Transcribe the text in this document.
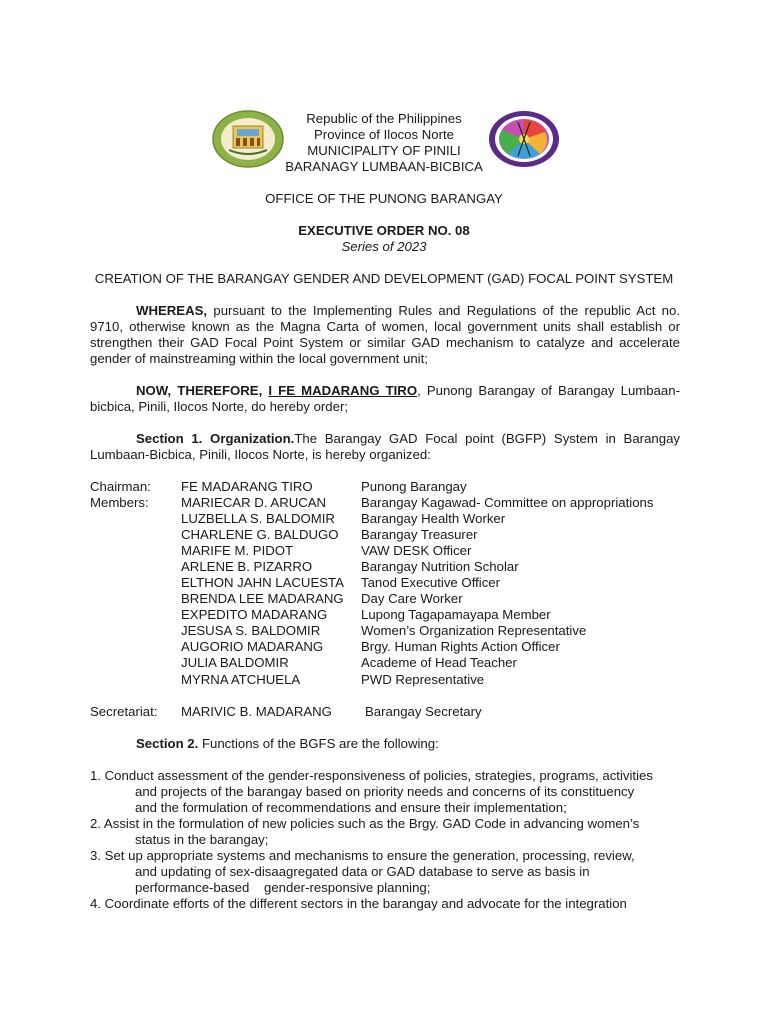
Republic of the Philippines
Province of Ilocos Norte
MUNICIPALITY OF PINILI
BARANAGY LUMBAAN-BICBICA
OFFICE OF THE PUNONG BARANGAY
EXECUTIVE ORDER NO. 08
Series of 2023
CREATION OF THE BARANGAY GENDER AND DEVELOPMENT (GAD) FOCAL POINT SYSTEM
WHEREAS, pursuant to the Implementing Rules and Regulations of the republic Act no. 9710, otherwise known as the Magna Carta of women, local government units shall establish or strengthen their GAD Focal Point System or similar GAD mechanism to catalyze and accelerate gender of mainstreaming within the local government unit;
NOW, THEREFORE, I FE MADARANG TIRO, Punong Barangay of Barangay Lumbaan-bicbica, Pinili, Ilocos Norte, do hereby order;
Section 1. Organization.The Barangay GAD Focal point (BGFP) System in Barangay Lumbaan-Bicbica, Pinili, Ilocos Norte, is hereby organized:
Chairman: FE MADARANG TIRO	Punong Barangay
Members: MARIECAR D. ARUCAN	Barangay Kagawad- Committee on appropriations
LUZBELLA S. BALDOMIR Barangay Health Worker
CHARLENE G. BALDUGO Barangay Treasurer
MARIFE M. PIDOT	VAW DESK Officer
ARLENE B. PIZARRO	Barangay Nutrition Scholar
ELTHON JAHN LACUESTA Tanod Executive Officer
BRENDA LEE MADARANG Day Care Worker
EXPEDITO MADARANG	Lupong Tagapamayapa Member
JESUSA S. BALDOMIR	Women’s Organization Representative
AUGORIO MADARANG	Brgy. Human Rights Action Officer
JULIA BALDOMIR	Academe of Head Teacher
MYRNA ATCHUELA	PWD Representative
Secretariat: MARIVIC B. MADARANG	Barangay Secretary
Section 2. Functions of the BGFS are the following:
1. Conduct assessment of the gender-responsiveness of policies, strategies, programs, activities
and projects of the barangay based on priority needs and concerns of its constituency
and the formulation of recommendations and ensure their implementation;
2. Assist in the formulation of new policies such as the Brgy. GAD Code in advancing women’s
status in the barangay;
3. Set up appropriate systems and mechanisms to ensure the generation, processing, review,
and updating of sex-disaagregated data or GAD database to serve as basis in
performance-based    gender-responsive planning;
4. Coordinate efforts of the different sectors in the barangay and advocate for the integration
